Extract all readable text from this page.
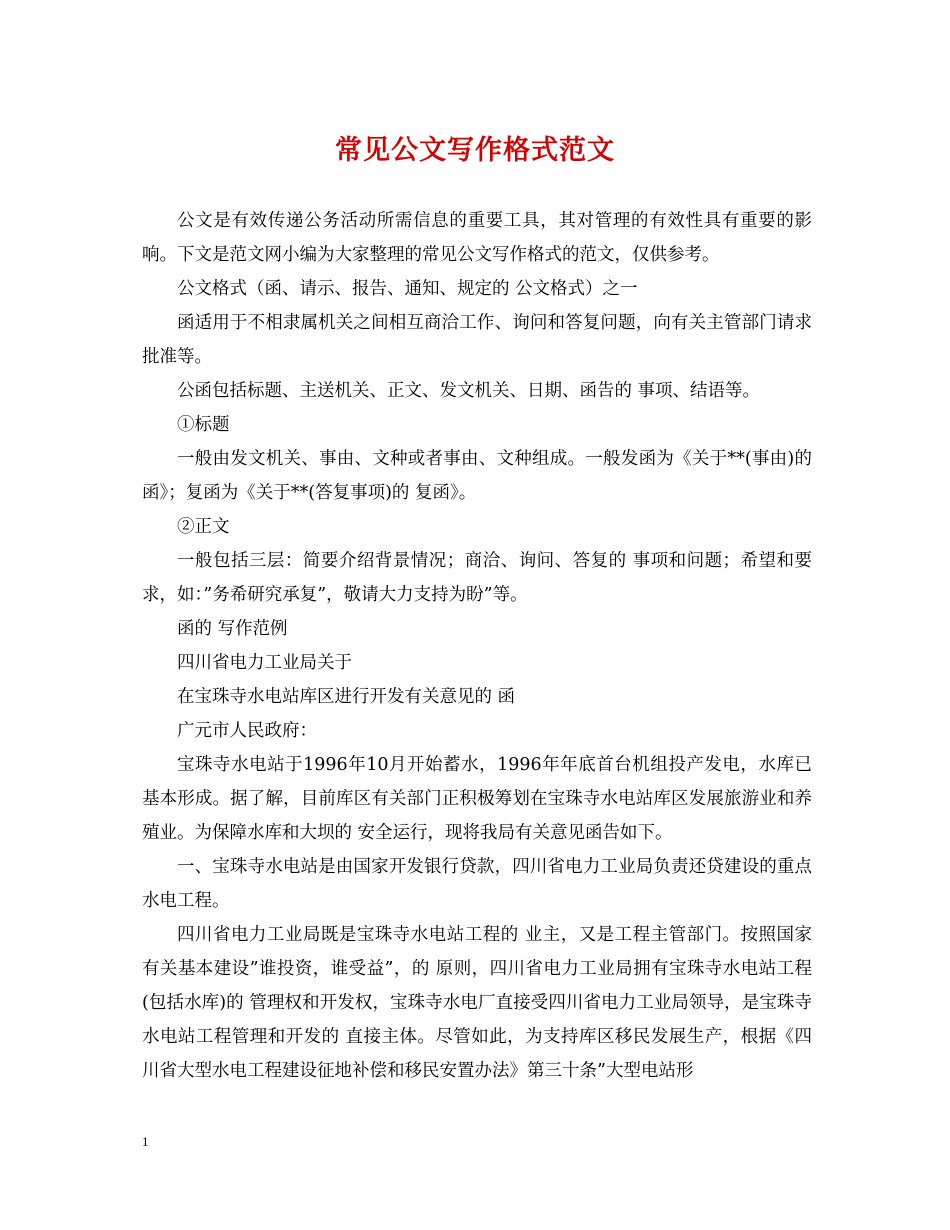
常见公文写作格式范文

公文是有效传递公务活动所需信息的重要工具，其对管理的有效性具有重要的影响。下文是范文网小编为大家整理的常见公文写作格式的范文，仅供参考。

公文格式（函、请示、报告、通知、规定的 公文格式）之一

函适用于不相隶属机关之间相互商洽工作、询问和答复问题，向有关主管部门请求批准等。

公函包括标题、主送机关、正文、发文机关、日期、函告的 事项、结语等。

①标题

一般由发文机关、事由、文种或者事由、文种组成。一般发函为《关于**(事由)的 函》；复函为《关于**(答复事项)的 复函》。

②正文

一般包括三层：简要介绍背景情况；商洽、询问、答复的 事项和问题；希望和要求，如：”务希研究承复”，敬请大力支持为盼”等。

函的 写作范例

四川省电力工业局关于

在宝珠寺水电站库区进行开发有关意见的 函

广元市人民政府：

宝珠寺水电站于1996年10月开始蓄水，1996年年底首台机组投产发电，水库已基本形成。据了解，目前库区有关部门正积极筹划在宝珠寺水电站库区发展旅游业和养殖业。为保障水库和大坝的 安全运行，现将我局有关意见函告如下。

一、宝珠寺水电站是由国家开发银行贷款，四川省电力工业局负责还贷建设的重点水电工程。

四川省电力工业局既是宝珠寺水电站工程的 业主，又是工程主管部门。按照国家有关基本建设”谁投资，谁受益”，的 原则，四川省电力工业局拥有宝珠寺水电站工程(包括水库)的 管理权和开发权，宝珠寺水电厂直接受四川省电力工业局领导，是宝珠寺水电站工程管理和开发的 直接主体。尽管如此，为支持库区移民发展生产，根据《四川省大型水电工程建设征地补偿和移民安置办法》第三十条”大型电站形

1
